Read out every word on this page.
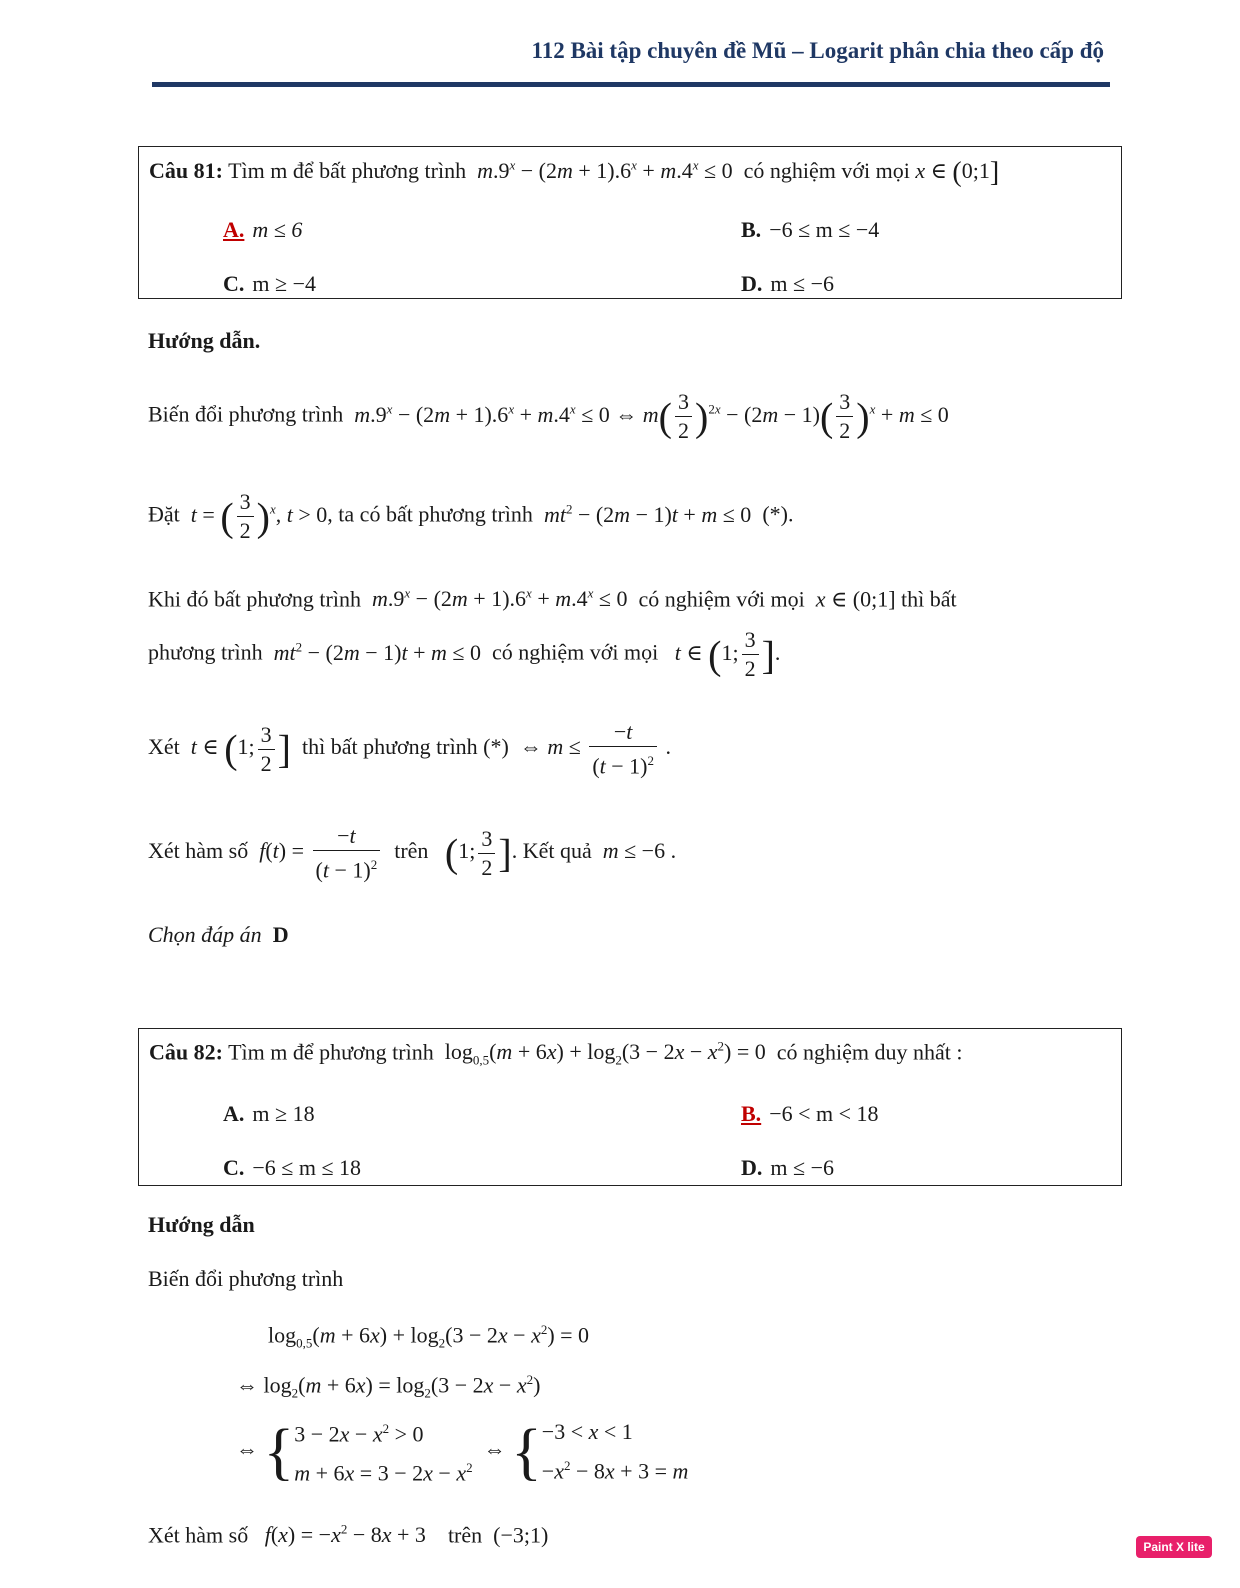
112 Bài tập chuyên đề Mũ – Logarit phân chia theo cấp độ
Câu 81: Tìm m để bất phương trình $m.9^x - (2m + 1).6^x + m.4^x \le 0$  có nghiệm với mọi x ∈ (0;1]
A. m ≤ 6	B. −6 ≤ m ≤ −4
C. m ≥ −4	D. m ≤ −6
Hướng dẫn.
Biến đổi phương trình $m.9^x - (2m + 1).6^x + m.4^x \le 0$ ⇔ $m( \frac{3}{2} )^{2x} - (2m - 1)( \frac{3}{2} )^x + m \le 0$
Đặt t = ( $\frac{3}{2} )^x$, t > 0, ta có bất phương trình $mt^2 - (2m - 1)t + m \le 0$  (*).
Khi đó bất phương trình $m.9^x - (2m + 1).6^x + m.4^x \le 0$  có nghiệm với mọi x ∈ (0;1] thì bất
phương trình $mt^2 - (2m - 1)t + m \le 0$  có nghiệm với mọi t ∈ (1; $\frac{3}{2}$ ].
Xét t ∈ (1; $\frac{3}{2}$ ] thì bất phương trình (*)  ⇔ $m \le \frac{-t}{(t - 1)^2}$ .
Xét hàm số $f(t) = \frac{-t}{(t - 1)^2}$ trên (1; $\frac{3}{2}$ ]. Kết quả m ≤ −6 .
Chọn đáp án D
Câu 82: Tìm m để phương trình  $\log_{0,5}(m + 6x) + \log_2(3 - 2x - x^2) = 0$  có nghiệm duy nhất :
A. m ≥ 18	B. −6 < m < 18
C. −6 ≤ m ≤ 18	D. m ≤ −6
Hướng dẫn
Biến đổi phương trình
$\log_{0,5}(m + 6x) + \log_2(3 - 2x - x^2) = 0$
⇔ $\log_2(m + 6x) = \log_2(3 - 2x - x^2)$
⇔ { $3 - 2x - x^2 > 0$
$m + 6x = 3 - 2x - x^2$
⇔ { −3 < x < 1
$-x^2 - 8x + 3 = m$
Xét hàm số $f(x) = -x^2 - 8x + 3$    trên  (−3;1)	Paint X lite
